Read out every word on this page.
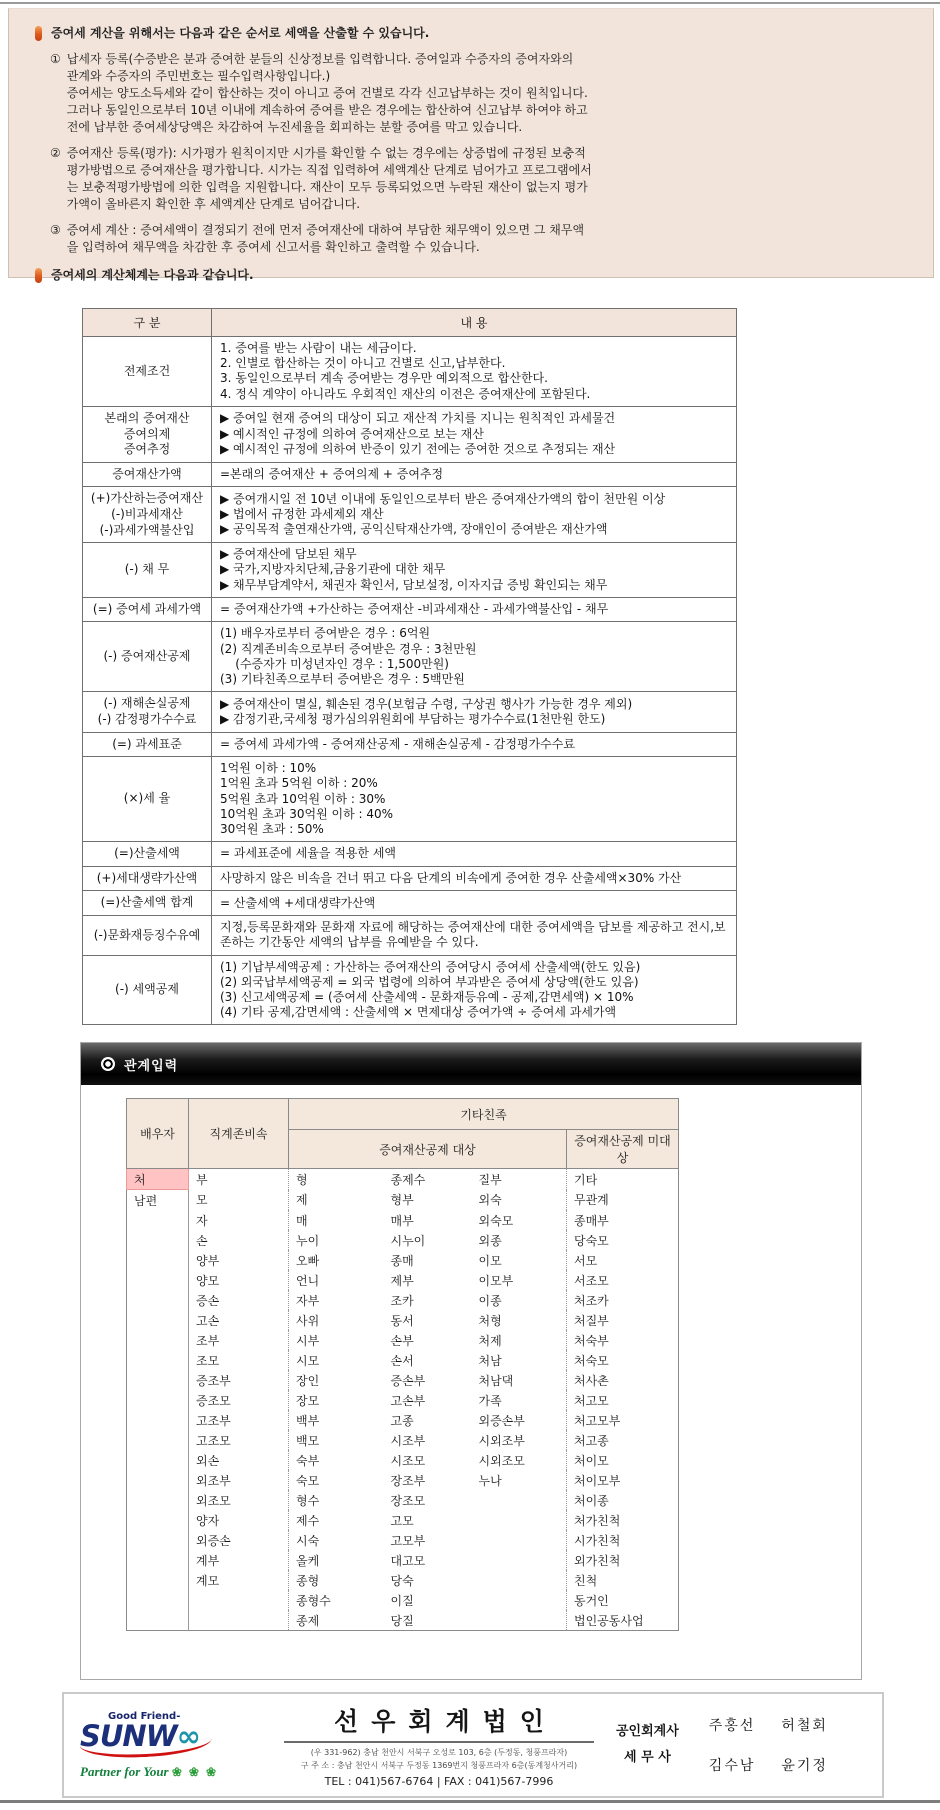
증여세 계산을 위해서는 다음과 같은 순서로 세액을 산출할 수 있습니다.
① 납세자 등록(수증받은 분과 증여한 분들의 신상정보를 입력합니다. 증여일과 수증자의 증여자와의
관계와 수증자의 주민번호는 필수입력사항입니다.)
증여세는 양도소득세와 같이 합산하는 것이 아니고 증여 건별로 각각 신고납부하는 것이 원칙입니다.
그러나 동일인으로부터 10년 이내에 계속하여 증여를 받은 경우에는 합산하여 신고납부 하여야 하고
전에 납부한 증여세상당액은 차감하여 누진세율을 회피하는 분할 증여를 막고 있습니다.
② 증여재산 등록(평가): 시가평가 원칙이지만 시가를 확인할 수 없는 경우에는 상증법에 규정된 보충적
평가방법으로 증여재산을 평가합니다. 시가는 직접 입력하여 세액계산 단계로 넘어가고 프로그램에서
는 보충적평가방법에 의한 입력을 지원합니다. 재산이 모두 등록되었으면 누락된 재산이 없는지 평가
가액이 올바른지 확인한 후 세액계산 단계로 넘어갑니다.
③ 증여세 계산 : 증여세액이 결정되기 전에 먼저 증여재산에 대하여 부담한 채무액이 있으면 그 채무액
을 입력하여 채무액을 차감한 후 증여세 신고서를 확인하고 출력할 수 있습니다.
증여세의 계산체계는 다음과 같습니다.
구 분	내 용
전제조건	1. 증여를 받는 사람이 내는 세금이다.
2. 인별로 합산하는 것이 아니고 건별로 신고,납부한다.
3. 동일인으로부터 계속 증여받는 경우만 예외적으로 합산한다.
4. 정식 계약이 아니라도 우회적인 재산의 이전은 증여재산에 포함된다.
본래의 증여재산
증여의제
증여추정	▶ 증여일 현재 증여의 대상이 되고 재산적 가치를 지니는 원칙적인 과세물건
▶ 예시적인 규정에 의하여 증여재산으로 보는 재산
▶ 예시적인 규정에 의하여 반증이 있기 전에는 증여한 것으로 추정되는 재산
증여재산가액	=본래의 증여재산 + 증여의제 + 증여추정
(+)가산하는증여재산
(-)비과세재산
(-)과세가액불산입	▶ 증여개시일 전 10년 이내에 동일인으로부터 받은 증여재산가액의 합이 천만원 이상
▶ 법에서 규정한 과세제외 재산
▶ 공익목적 출연재산가액, 공익신탁재산가액, 장애인이 증여받은 재산가액
(-) 채 무	▶ 증여재산에 담보된 채무
▶ 국가,지방자치단체,금융기관에 대한 채무
▶ 채무부담계약서, 채권자 확인서, 담보설정, 이자지급 증빙 확인되는 채무
(=) 증여세 과세가액	= 증여재산가액 +가산하는 증여재산 -비과세재산 - 과세가액불산입 - 채무
(-) 증여재산공제	(1) 배우자로부터 증여받은 경우 : 6억원
(2) 직계존비속으로부터 증여받은 경우 : 3천만원
(수증자가 미성년자인 경우 : 1,500만원)
(3) 기타친족으로부터 증여받은 경우 : 5백만원
(-) 재해손실공제
(-) 감정평가수수료	▶ 증여재산이 멸실, 훼손된 경우(보험금 수령, 구상권 행사가 가능한 경우 제외)
▶ 감정기관,국세청 평가심의위원회에 부담하는 평가수수료(1천만원 한도)
(=) 과세표준	= 증여세 과세가액 - 증여재산공제 - 재해손실공제 - 감정평가수수료
(×)세 율	1억원 이하 : 10%
1억원 초과 5억원 이하 : 20%
5억원 초과 10억원 이하 : 30%
10억원 초과 30억원 이하 : 40%
30억원 초과 : 50%
(=)산출세액	= 과세표준에 세율을 적용한 세액
(+)세대생략가산액	사망하지 않은 비속을 건너 뛰고 다음 단계의 비속에게 증여한 경우 산출세액×30% 가산
(=)산출세액 합계	= 산출세액 +세대생략가산액
(-)문화재등징수유예	지정,등록문화재와 문화재 자료에 해당하는 증여재산에 대한 증여세액을 담보를 제공하고 전시,보존하는 기간동안 세액의 납부를 유예받을 수 있다.
(-) 세액공제	(1) 기납부세액공제 : 가산하는 증여재산의 증여당시 증여세 산출세액(한도 있음)
(2) 외국납부세액공제 = 외국 법령에 의하여 부과받은 증여세 상당액(한도 있음)
(3) 신고세액공제 = (증여세 산출세액 - 문화재등유예 - 공제,감면세액) × 10%
(4) 기타 공제,감면세액 : 산출세액 × 면제대상 증여가액 ÷ 증여세 과세가액
관계입력
배우자	직계존비속	기타친족			
		증여재산공제 대상			증여재산공제 미대상
처	부	형	종제수	질부	기타
남편	모	제	형부	외숙	무관계
	자	매	매부	외숙모	종매부
	손	누이	시누이	외종	당숙모
	양부	오빠	종매	이모	서모
	양모	언니	제부	이모부	서조모
	증손	자부	조카	이종	처조카
	고손	사위	동서	처형	처질부
	조부	시부	손부	처제	처숙부
	조모	시모	손서	처남	처숙모
	증조부	장인	증손부	처남댁	처사촌
	증조모	장모	고손부	가족	처고모
	고조부	백부	고종	외증손부	처고모부
	고조모	백모	시조부	시외조부	처고종
	외손	숙부	시조모	시외조모	처이모
	외조부	숙모	장조부	누나	처이모부
	외조모	형수	장조모		처이종
	양자	제수	고모		처가친척
	외증손	시숙	고모부		시가친척
	계부	올케	대고모		외가친척
	계모	종형	당숙		친척
		종형수	이질		동거인
		종제	당질		법인공동사업
Good Friend-
SUNW∞
Partner for Your ❀ ❀ ❀
선우회계법인
(우 331-962) 충남 천안시 서북구 오성로 103, 6층 (두정동, 청풍프라자)
구 주 소 : 충남 천안시 서북구 두정동 1369번지 청풍프라자 6층(동계청사거리)
TEL : 041)567-6764 | FAX : 041)567-7996
공인회계사
세 무 사
주홍선 허철회
김수남 윤기정
